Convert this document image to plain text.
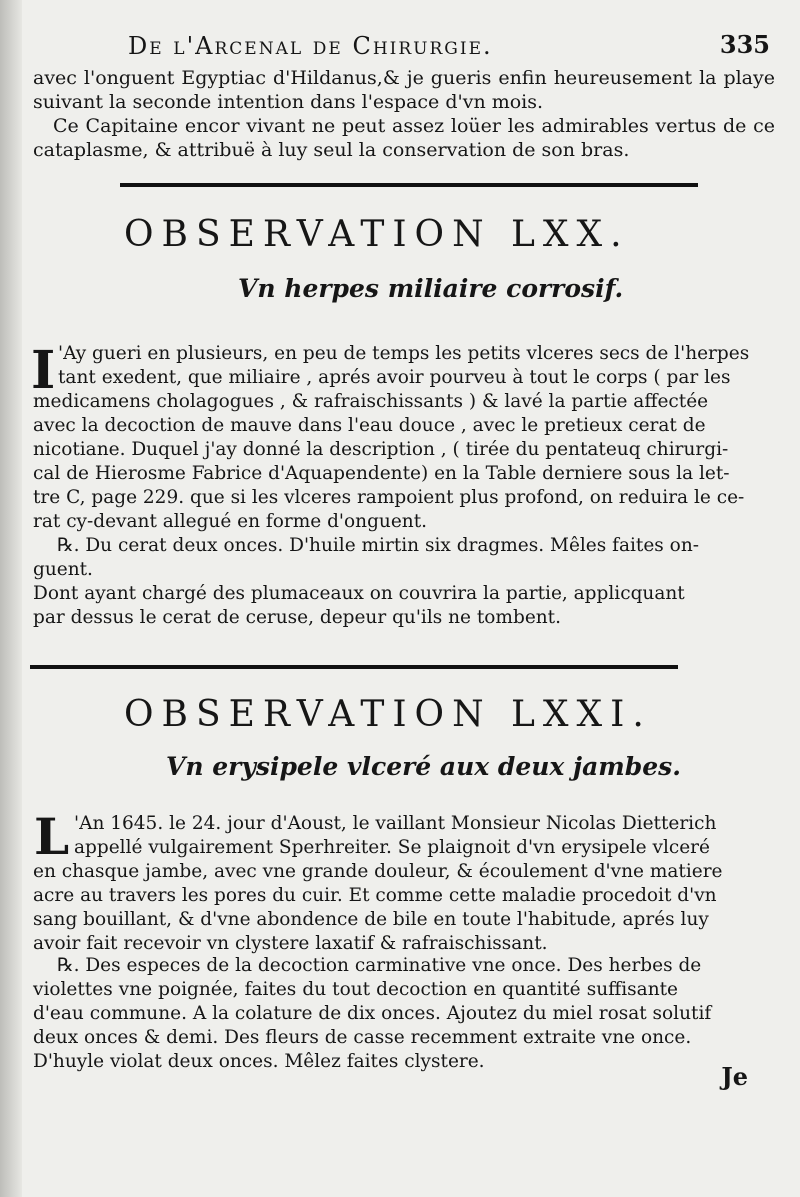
De l'Arcenal de Chirurgie.	335
avec l'onguent Egyptiac d'Hildanus,& je gueris enfin heureusement la playe
suivant la seconde intention dans l'espace d'vn mois.
Ce Capitaine encor vivant ne peut assez loüer les admirables vertus de ce
cataplasme, & attribuë à luy seul la conservation de son bras.
OBSERVATION LXX.
Vn herpes miliaire corrosif.
I 'Ay gueri en plusieurs, en peu de temps les petits vlceres secs de l'herpes
tant exedent, que miliaire , aprés avoir pourveu à tout le corps ( par les
medicamens cholagogues , & rafraischissants ) & lavé la partie affectée
avec la decoction de mauve dans l'eau douce , avec le pretieux cerat de
nicotiane. Duquel j'ay donné la description , ( tirée du pentateuq chirurgi-
cal de Hierosme Fabrice d'Aquapendente) en la Table derniere sous la let-
tre C, page 229. que si les vlceres rampoient plus profond, on reduira le ce-
rat cy-devant allegué en forme d'onguent.
℞. Du cerat deux onces. D'huile mirtin six dragmes. Mêles faites on-
guent.
Dont ayant chargé des plumaceaux on couvrira la partie, applicquant
par dessus le cerat de ceruse, depeur qu'ils ne tombent.
OBSERVATION LXXI.
Vn erysipele vlceré aux deux jambes.
L 'An 1645. le 24. jour d'Aoust, le vaillant Monsieur Nicolas Dietterich
appellé vulgairement Sperhreiter. Se plaignoit d'vn erysipele vlceré
en chasque jambe, avec vne grande douleur, & écoulement d'vne matiere
acre au travers les pores du cuir. Et comme cette maladie procedoit d'vn
sang bouillant, & d'vne abondence de bile en toute l'habitude, aprés luy
avoir fait recevoir vn clystere laxatif & rafraischissant.
℞. Des especes de la decoction carminative vne once. Des herbes de
violettes vne poignée, faites du tout decoction en quantité suffisante
d'eau commune. A la colature de dix onces. Ajoutez du miel rosat solutif
deux onces & demi. Des fleurs de casse recemment extraite vne once.
D'huyle violat deux onces. Mêlez faites clystere.
Je
